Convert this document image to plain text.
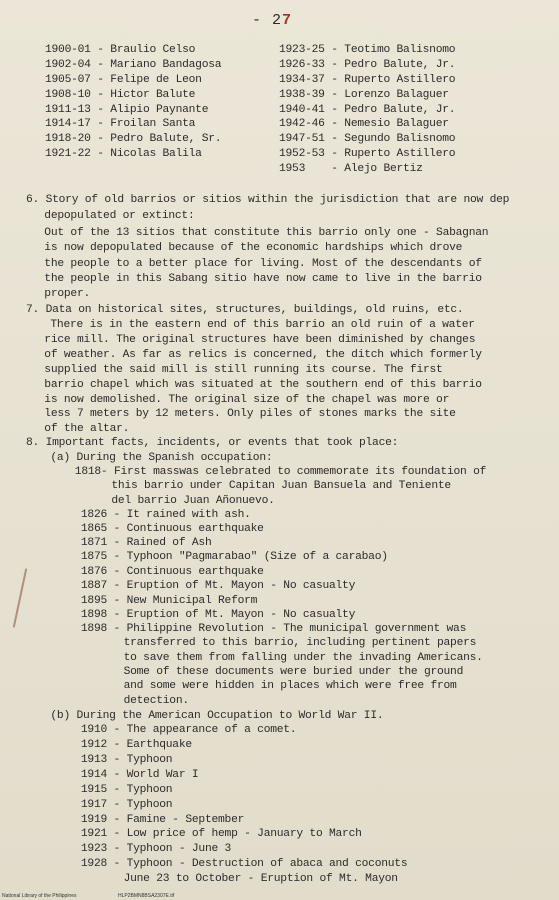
- 27
1900-01 - Braulio Celso
1902-04 - Mariano Bandagosa
1905-07 - Felipe de Leon
1908-10 - Hictor Balute
1911-13 - Alipio Paynante
1914-17 - Froilan Santa
1918-20 - Pedro Balute, Sr.
1921-22 - Nicolas Balila
1923-25 - Teotimo Balisnomo
1926-33 - Pedro Balute, Jr.
1934-37 - Ruperto Astillero
1938-39 - Lorenzo Balaguer
1940-41 - Pedro Balute, Jr.
1942-46 - Nemesio Balaguer
1947-51 - Segundo Balisnomo
1952-53 - Ruperto Astillero
1953    - Alejo Bertiz
6. Story of old barrios or sitios within the jurisdiction that are now dep
depopulated or extinct:
Out of the 13 sitios that constitute this barrio only one - Sabagnan
is now depopulated because of the economic hardships which drove
the people to a better place for living. Most of the descendants of
the people in this Sabang sitio have now came to live in the barrio
proper.
7. Data on historical sites, structures, buildings, old ruins, etc.
There is in the eastern end of this barrio an old ruin of a water
rice mill. The original structures have been diminished by changes
of weather. As far as relics is concerned, the ditch which formerly
supplied the said mill is still running its course. The first
barrio chapel which was situated at the southern end of this barrio
is now demolished. The original size of the chapel was more or
less 7 meters by 12 meters. Only piles of stones marks the site
of the altar.
8. Important facts, incidents, or events that took place:
(a) During the Spanish occupation:
1818- First masswas celebrated to commemorate its foundation of
this barrio under Capitan Juan Bansuela and Teniente
del barrio Juan Añonuevo.
1826 - It rained with ash.
1865 - Continuous earthquake
1871 - Rained of Ash
1875 - Typhoon "Pagmarabao" (Size of a carabao)
1876 - Continuous earthquake
1887 - Eruption of Mt. Mayon - No casualty
1895 - New Municipal Reform
1898 - Eruption of Mt. Mayon - No casualty
1898 - Philippine Revolution - The municipal government was
transferred to this barrio, including pertinent papers
to save them from falling under the invading Americans.
Some of these documents were buried under the ground
and some were hidden in places which were free from
detection.
(b) During the American Occupation to World War II.
1910 - The appearance of a comet.
1912 - Earthquake
1913 - Typhoon
1914 - World War I
1915 - Typhoon
1917 - Typhoon
1919 - Famine - September
1921 - Low price of hemp - January to March
1923 - Typhoon - June 3
1928 - Typhoon - Destruction of abaca and coconuts
June 23 to October - Eruption of Mt. Mayon
National Library of the Philippines	HLP2BMN8BSA2307E.tif
